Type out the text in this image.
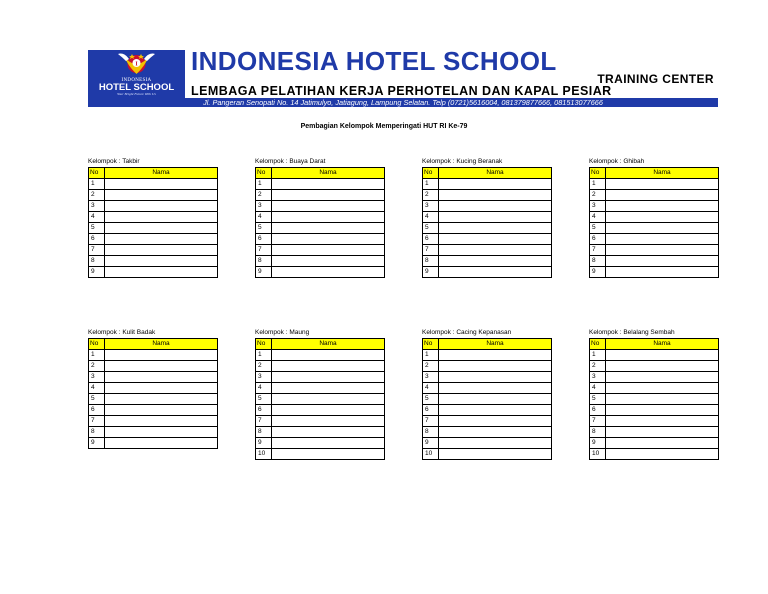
I
INDONESIA
HOTEL SCHOOL
Your Bright Future With Us
INDONESIA HOTEL SCHOOL
TRAINING CENTER
LEMBAGA PELATIHAN KERJA PERHOTELAN DAN KAPAL PESIAR
Jl. Pangeran Senopati No. 14 Jatimulyo, Jatiagung, Lampung Selatan. Telp (0721)5616004, 081379877666, 081513077666
Pembagian Kelompok Memperingati HUT RI Ke-79
Kelompok : Takbir
No	Nama
1	
2	
3	
4	
5	
6	
7	
8	
9	
Kelompok : Buaya Darat
No	Nama
1	
2	
3	
4	
5	
6	
7	
8	
9	
Kelompok : Kucing Beranak
No	Nama
1	
2	
3	
4	
5	
6	
7	
8	
9	
Kelompok : Ghibah
No	Nama
1	
2	
3	
4	
5	
6	
7	
8	
9	
Kelompok : Kulit Badak
No	Nama
1	
2	
3	
4	
5	
6	
7	
8	
9	
Kelompok : Maung
No	Nama
1	
2	
3	
4	
5	
6	
7	
8	
9	
10	
Kelompok : Cacing Kepanasan
No	Nama
1	
2	
3	
4	
5	
6	
7	
8	
9	
10	
Kelompok : Belalang Sembah
No	Nama
1	
2	
3	
4	
5	
6	
7	
8	
9	
10	
